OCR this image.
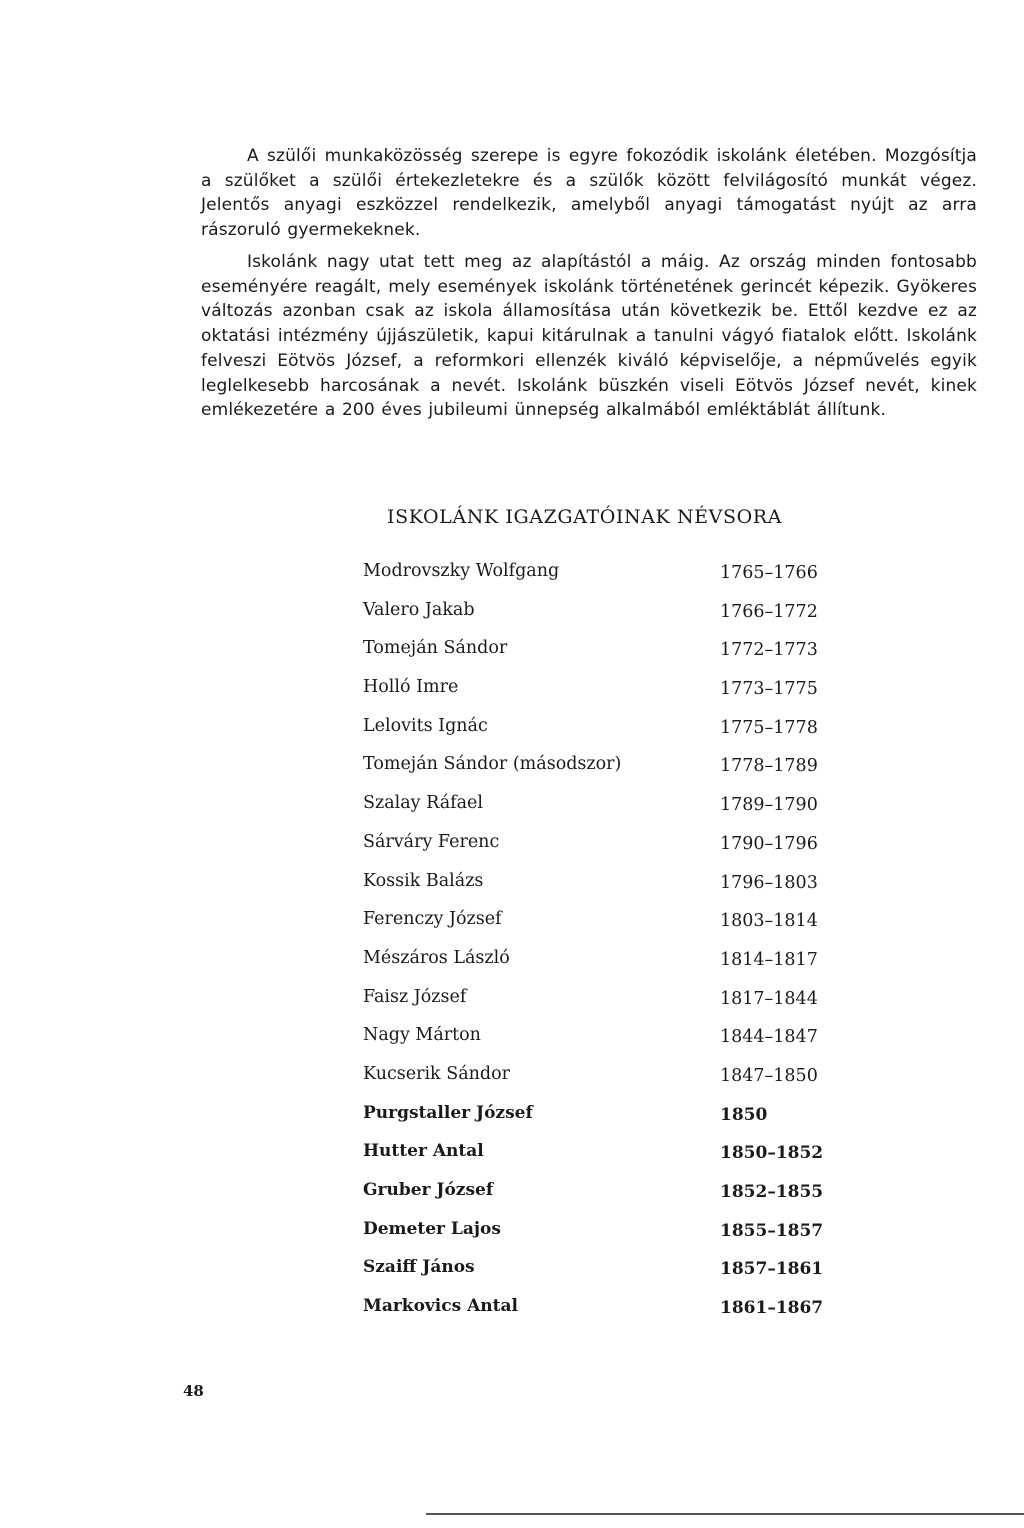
A szülői munkaközösség szerepe is egyre fokozódik iskolánk életében. Mozgósítja a szülőket a szülői értekezletekre és a szülők között felvilágosító munkát végez. Jelentős anyagi eszközzel rendelkezik, amelyből anyagi támogatást nyújt az arra rászoruló gyermekeknek.

Iskolánk nagy utat tett meg az alapítástól a máig. Az ország minden fontosabb eseményére reagált, mely események iskolánk történetének gerincét képezik. Gyökeres változás azonban csak az iskola államosítása után következik be. Ettől kezdve ez az oktatási intézmény újjászületik, kapui kitárulnak a tanulni vágyó fiatalok előtt. Iskolánk felveszi Eötvös József, a reformkori ellenzék kiváló képviselője, a népművelés egyik leglelkesebb harcosának a nevét. Iskolánk büszkén viseli Eötvös József nevét, kinek emlékezetére a 200 éves jubileumi ünnepség alkalmából emléktáblát állítunk.

ISKOLÁNK IGAZGATÓINAK NÉVSORA
Modrovszky Wolfgang	1765–1766
Valero Jakab	1766–1772
Tomeján Sándor	1772–1773
Holló Imre	1773–1775
Lelovits Ignác	1775–1778
Tomeján Sándor (másodszor)	1778–1789
Szalay Ráfael	1789–1790
Sárváry Ferenc	1790–1796
Kossik Balázs	1796–1803
Ferenczy József	1803–1814
Mészáros László	1814–1817
Faisz József	1817–1844
Nagy Márton	1844–1847
Kucserik Sándor	1847–1850
Purgstaller József	1850
Hutter Antal	1850–1852
Gruber József	1852–1855
Demeter Lajos	1855–1857
Szaiff János	1857–1861
Markovics Antal	1861–1867
48
